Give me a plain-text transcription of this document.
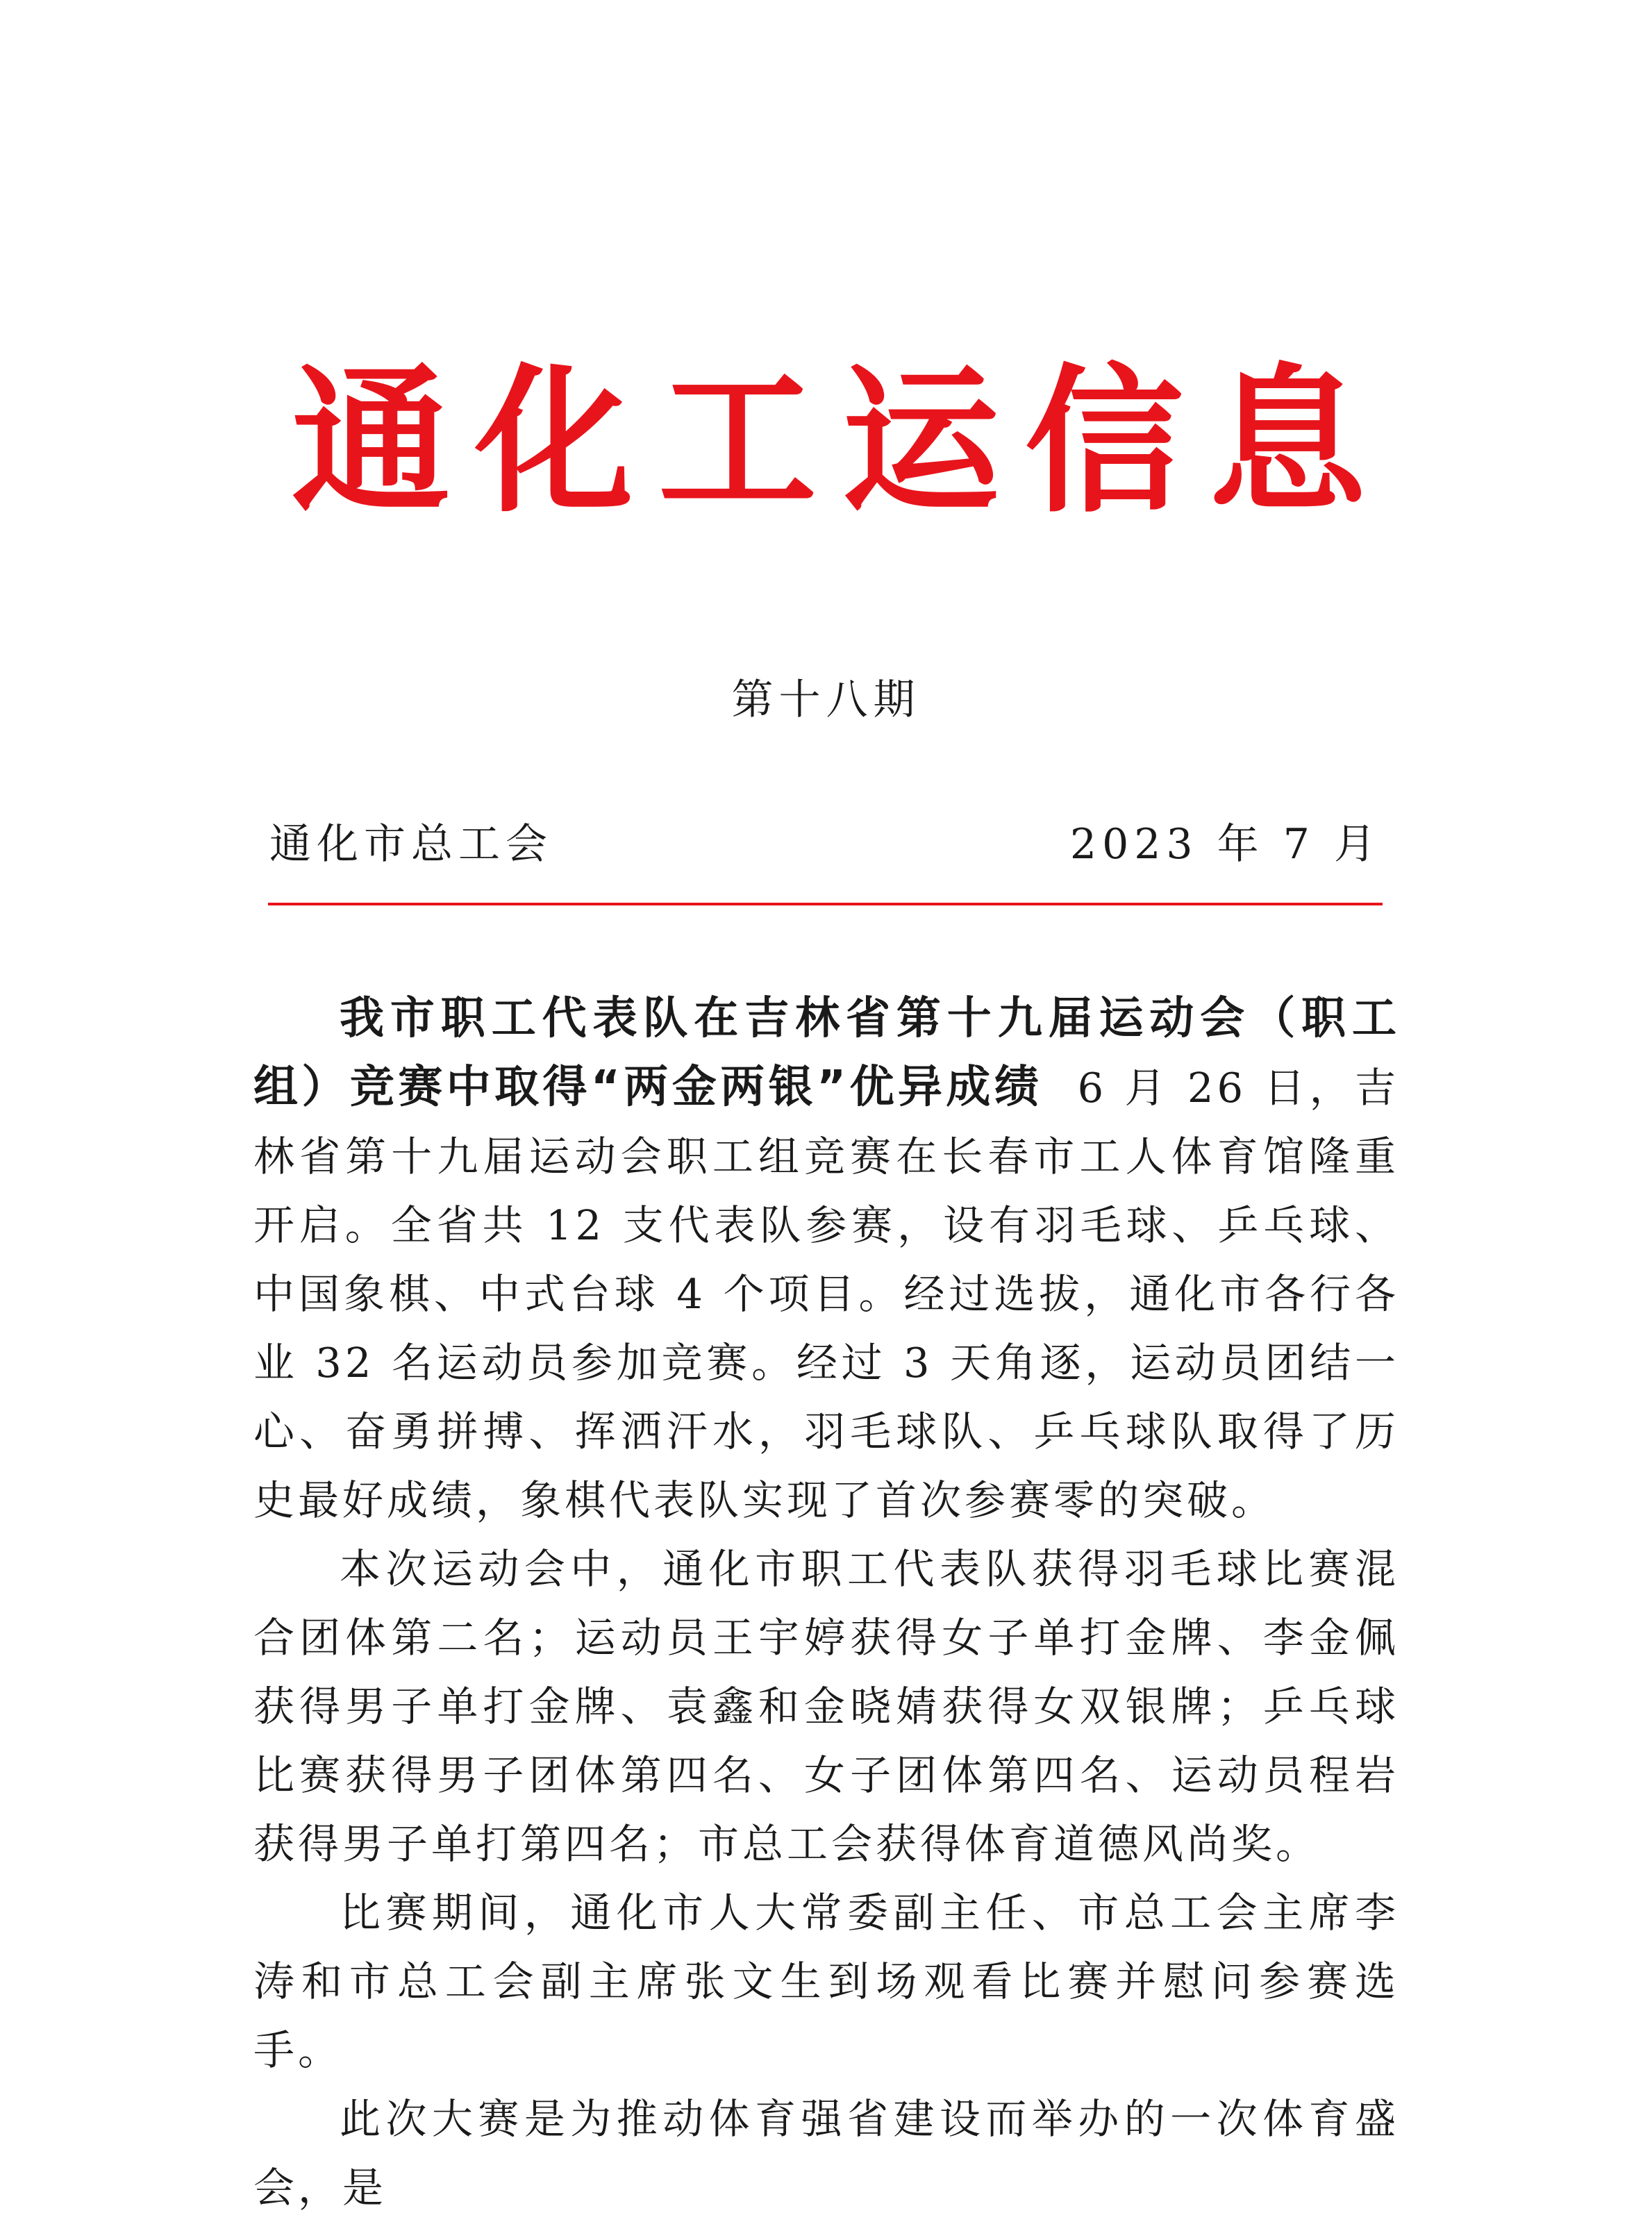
通化工运信息
第十八期
通化市总工会	2023 年 7 月

我市职工代表队在吉林省第十九届运动会（职工组）竞赛中取得“两金两银”优异成绩 6 月 26 日，吉林省第十九届运动会职工组竞赛在长春市工人体育馆隆重开启。全省共 12 支代表队参赛，设有羽毛球、乒乓球、中国象棋、中式台球 4 个项目。经过选拔，通化市各行各业 32 名运动员参加竞赛。经过 3 天角逐，运动员团结一心、奋勇拼搏、挥洒汗水，羽毛球队、乒乓球队取得了历史最好成绩，象棋代表队实现了首次参赛零的突破。

本次运动会中，通化市职工代表队获得羽毛球比赛混合团体第二名；运动员王宇婷获得女子单打金牌、李金佩获得男子单打金牌、袁鑫和金晓婧获得女双银牌；乒乓球比赛获得男子团体第四名、女子团体第四名、运动员程岩获得男子单打第四名；市总工会获得体育道德风尚奖。

比赛期间，通化市人大常委副主任、市总工会主席李涛和市总工会副主席张文生到场观看比赛并慰问参赛选手。

此次大赛是为推动体育强省建设而举办的一次体育盛会，是
